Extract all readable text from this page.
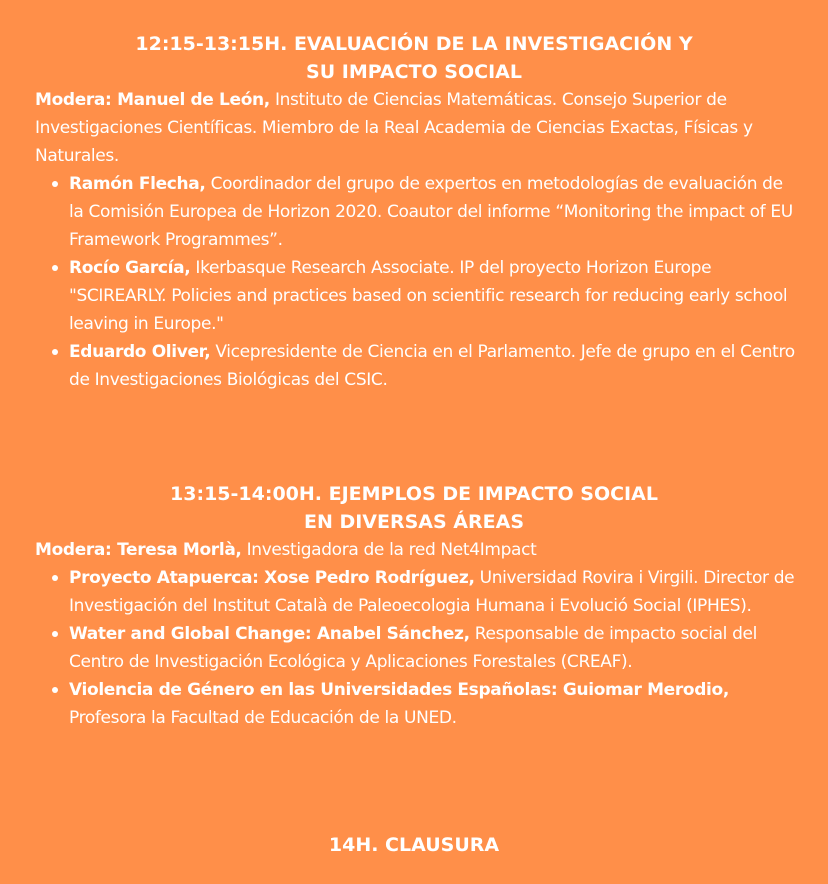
12:15-13:15H. EVALUACIÓN DE LA INVESTIGACIÓN Y
SU IMPACTO SOCIAL

Modera: Manuel de León, Instituto de Ciencias Matemáticas. Consejo Superior de Investigaciones Científicas. Miembro de la Real Academia de Ciencias Exactas, Físicas y Naturales.

Ramón Flecha, Coordinador del grupo de expertos en metodologías de evaluación de la Comisión Europea de Horizon 2020. Coautor del informe “Monitoring the impact of EU Framework Programmes”.
Rocío García, Ikerbasque Research Associate. IP del proyecto Horizon Europe "SCIREARLY. Policies and practices based on scientific research for reducing early school leaving in Europe."
Eduardo Oliver, Vicepresidente de Ciencia en el Parlamento. Jefe de grupo en el Centro de Investigaciones Biológicas del CSIC.
13:15-14:00H. EJEMPLOS DE IMPACTO SOCIAL
EN DIVERSAS ÁREAS

Modera: Teresa Morlà, Investigadora de la red Net4Impact

Proyecto Atapuerca: Xose Pedro Rodríguez, Universidad Rovira i Virgili. Director de Investigación del Institut Català de Paleoecologia Humana i Evolució Social (IPHES).
Water and Global Change: Anabel Sánchez, Responsable de impacto social del Centro de Investigación Ecológica y Aplicaciones Forestales (CREAF).
Violencia de Género en las Universidades Españolas: Guiomar Merodio, Profesora la Facultad de Educación de la UNED.
14H. CLAUSURA
